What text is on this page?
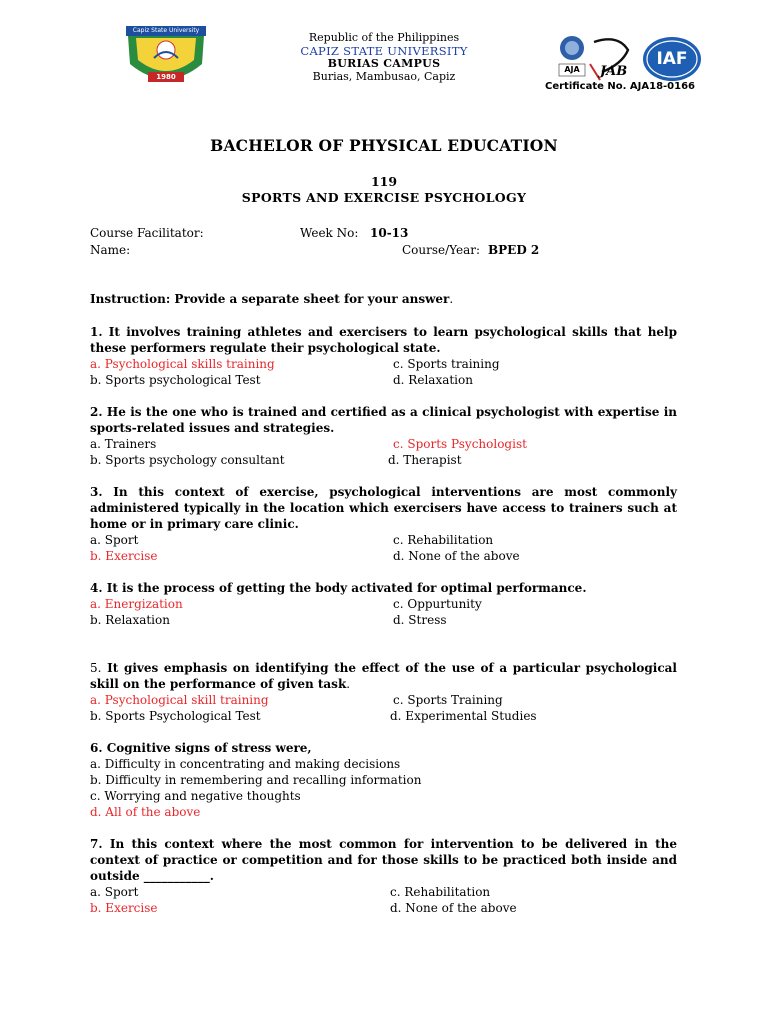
Capiz State University
1980
Republic of the Philippines
CAPIZ STATE UNIVERSITY
BURIAS CAMPUS
Burias, Mambusao, Capiz
AJA	JAB
IAF
Certificate No. AJA18-0166
BACHELOR OF PHYSICAL EDUCATION
119
SPORTS AND EXERCISE PSYCHOLOGY
Course Facilitator:	Week No: 10-13
Name:	Course/Year: BPED 2
Instruction: Provide a separate sheet for your answer.
1. It involves training athletes and exercisers to learn psychological skills that help these performers regulate their psychological state.
a. Psychological skills training	c. Sports training
b. Sports psychological Test	d. Relaxation
2. He is the one who is trained and certified as a clinical psychologist with expertise in sports-related issues and strategies.
a. Trainers	c. Sports Psychologist
b. Sports psychology consultant	d. Therapist
3. In this context of exercise, psychological interventions are most commonly administered typically in the location which exercisers have access to trainers such at home or in primary care clinic.
a. Sport	c. Rehabilitation
b. Exercise	d. None of the above
4. It is the process of getting the body activated for optimal performance.
a. Energization	c. Oppurtunity
b. Relaxation	d. Stress
5. It gives emphasis on identifying the effect of the use of a particular psychological skill on the performance of given task.
a. Psychological skill training	c. Sports Training
b. Sports Psychological Test	d. Experimental Studies
6. Cognitive signs of stress were,
a. Difficulty in concentrating and making decisions
b. Difficulty in remembering and recalling information
c. Worrying and negative thoughts
d. All of the above
7. In this context where the most common for intervention to be delivered in the context of practice or competition and for those skills to be practiced both inside and outside ___________.
a. Sport	c. Rehabilitation
b. Exercise	d. None of the above
